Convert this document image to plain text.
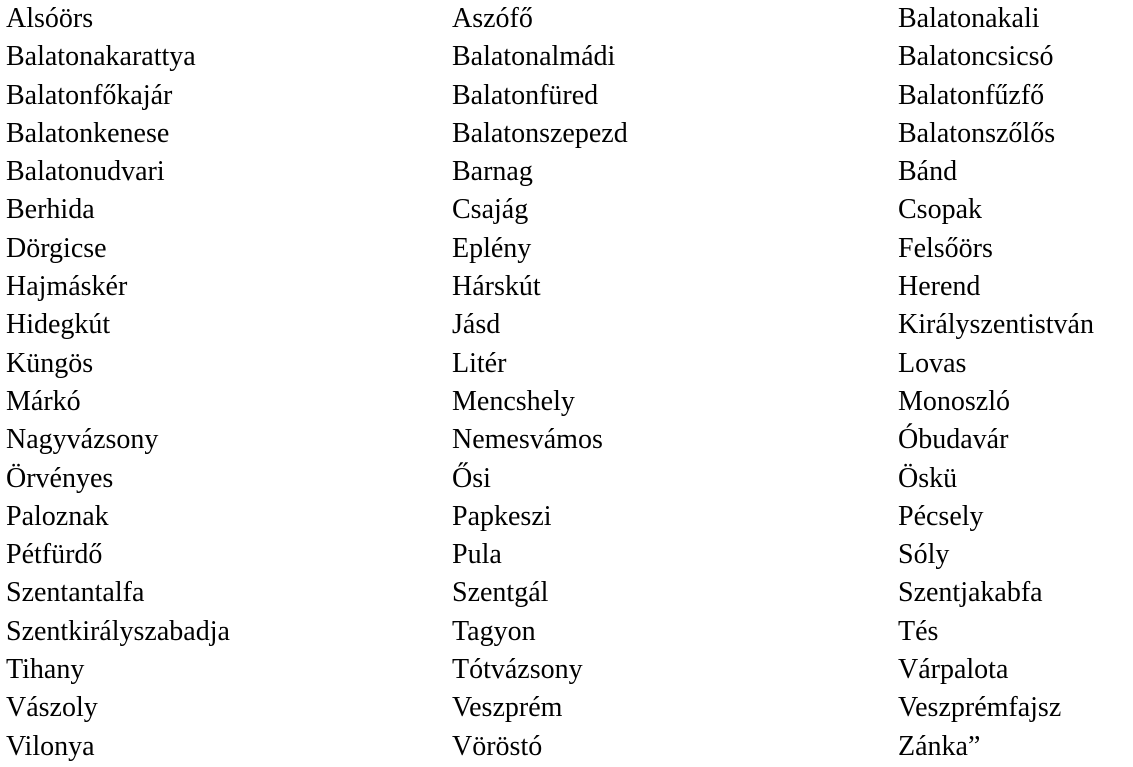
Alsóörs
Balatonakarattya
Balatonfőkajár
Balatonkenese
Balatonudvari
Berhida
Dörgicse
Hajmáskér
Hidegkút
Küngös
Márkó
Nagyvázsony
Örvényes
Paloznak
Pétfürdő
Szentantalfa
Szentkirályszabadja
Tihany
Vászoly
Vilonya
Aszófő
Balatonalmádi
Balatonfüred
Balatonszepezd
Barnag
Csajág
Eplény
Hárskút
Jásd
Litér
Mencshely
Nemesvámos
Ősi
Papkeszi
Pula
Szentgál
Tagyon
Tótvázsony
Veszprém
Vöröstó
Balatonakali
Balatoncsicsó
Balatonfűzfő
Balatonszőlős
Bánd
Csopak
Felsőörs
Herend
Királyszentistván
Lovas
Monoszló
Óbudavár
Öskü
Pécsely
Sóly
Szentjakabfa
Tés
Várpalota
Veszprémfajsz
Zánka”
